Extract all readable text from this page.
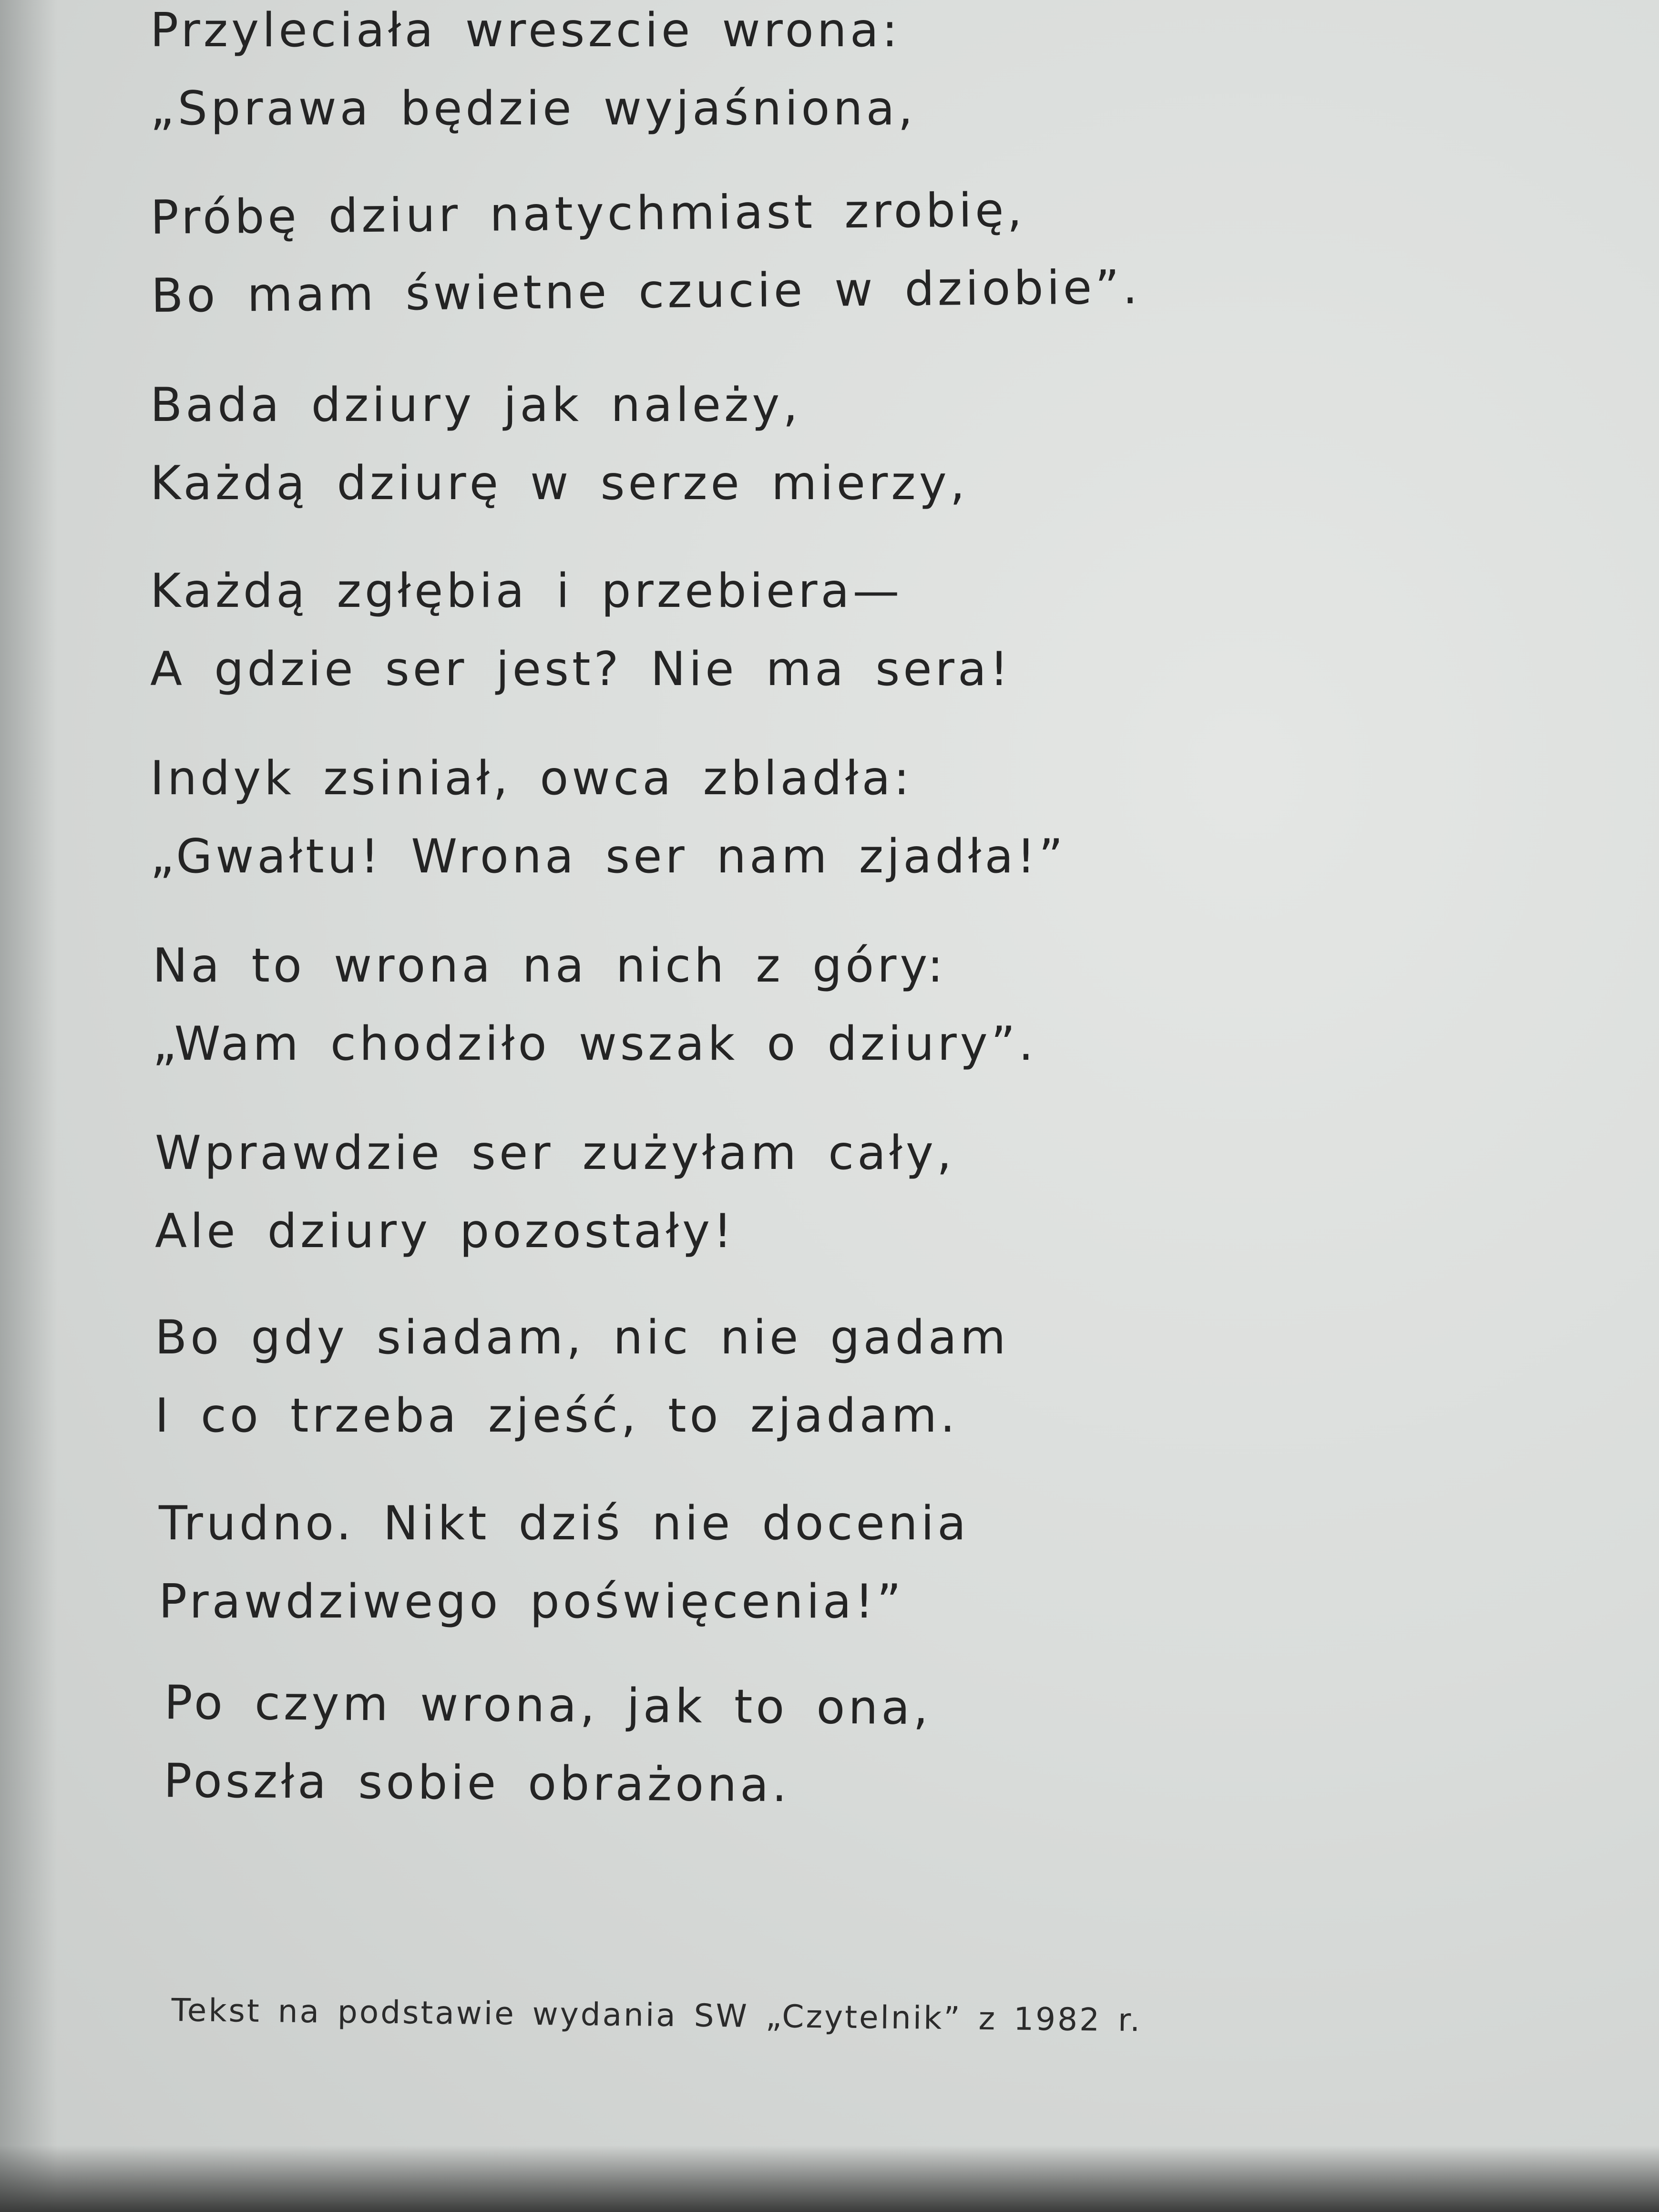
Przyleciała wreszcie wrona:
„Sprawa będzie wyjaśniona,
Próbę dziur natychmiast zrobię,
Bo mam świetne czucie w dziobie”.
Bada dziury jak należy,
Każdą dziurę w serze mierzy,
Każdą zgłębia i przebiera—
A gdzie ser jest? Nie ma sera!
Indyk zsiniał, owca zbladła:
„Gwałtu! Wrona ser nam zjadła!”
Na to wrona na nich z góry:
„Wam chodziło wszak o dziury”.
Wprawdzie ser zużyłam cały,
Ale dziury pozostały!
Bo gdy siadam, nic nie gadam
I co trzeba zjeść, to zjadam.
Trudno. Nikt dziś nie docenia
Prawdziwego poświęcenia!”
Po czym wrona, jak to ona,
Poszła sobie obrażona.
Tekst na podstawie wydania SW „Czytelnik” z 1982 r.
